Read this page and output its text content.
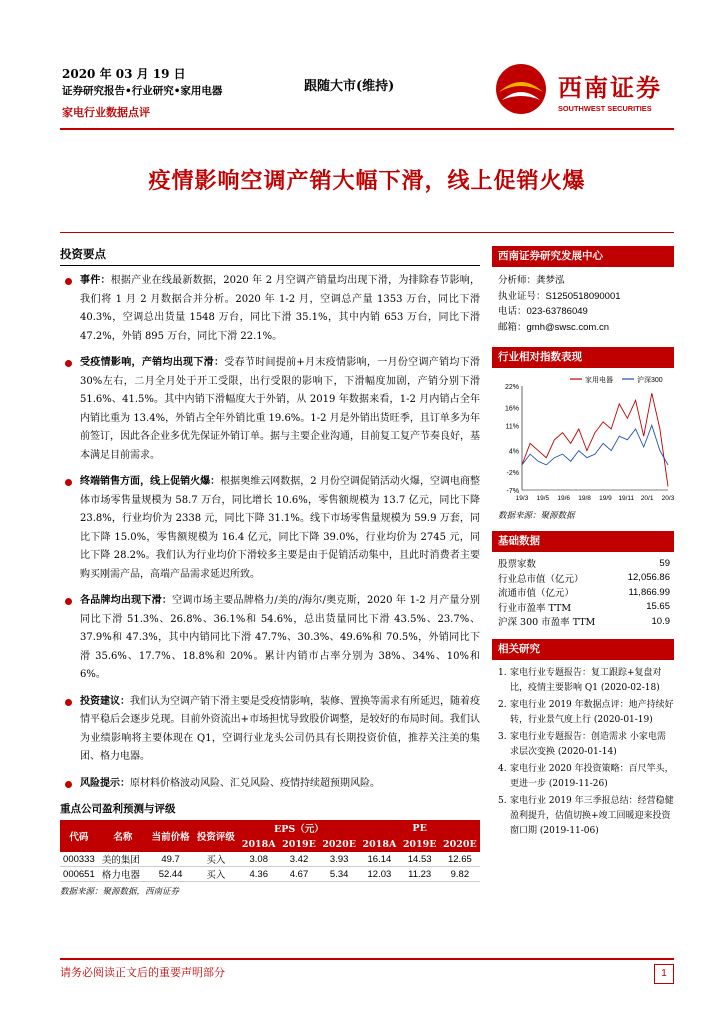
2020 年 03 月 19 日
证券研究报告•行业研究•家用电器
家电行业数据点评
跟随大市(维持)	西南证券
SOUTHWEST SECURITIES
疫情影响空调产销大幅下滑，线上促销火爆
投资要点
事件：根据产业在线最新数据，2020 年 2 月空调产销量均出现下滑，为排除春节影响，我们将 1 月 2 月数据合并分析。2020 年 1-2 月，空调总产量 1353 万台，同比下滑 40.3%，空调总出货量 1548 万台，同比下滑 35.1%，其中内销 653 万台，同比下滑 47.2%，外销 895 万台，同比下滑 22.1%。
受疫情影响，产销均出现下滑：受春节时间提前+月末疫情影响，一月份空调产销均下滑 30%左右，二月全月处于开工受限，出行受限的影响下，下滑幅度加剧，产销分别下滑 51.6%、41.5%。其中内销下滑幅度大于外销，从 2019 年数据来看，1-2 月内销占全年内销比重为 13.4%，外销占全年外销比重 19.6%。1-2 月是外销出货旺季，且订单多为年前签订，因此各企业多优先保证外销订单。据与主要企业沟通，目前复工复产节奏良好，基本满足目前需求。
终端销售方面，线上促销火爆：根据奥维云网数据，2 月份空调促销活动火爆，空调电商整体市场零售量规模为 58.7 万台，同比增长 10.6%，零售额规模为 13.7 亿元，同比下降 23.8%，行业均价为 2338 元，同比下降 31.1%。线下市场零售量规模为 59.9 万套，同比下降 15.0%，零售额规模为 16.4 亿元，同比下降 39.0%，行业均价为 2745 元，同比下降 28.2%。我们认为行业均价下滑较多主要是由于促销活动集中，且此时消费者主要购买刚需产品，高端产品需求延迟所致。
各品牌均出现下滑：空调市场主要品牌格力/美的/海尔/奥克斯，2020 年 1-2 月产量分别同比下滑 51.3%、26.8%、36.1%和 54.6%，总出货量同比下滑 43.5%、23.7%、37.9%和 47.3%，其中内销同比下滑 47.7%、30.3%、49.6%和 70.5%，外销同比下滑 35.6%、17.7%、18.8%和 20%。累计内销市占率分别为 38%、34%、10%和 6%。
投资建议：我们认为空调产销下滑主要是受疫情影响，装修、置换等需求有所延迟，随着疫情平稳后会逐步兑现。目前外资流出+市场担忧导致股价调整，是较好的布局时间。我们认为业绩影响将主要体现在 Q1，空调行业龙头公司仍具有长期投资价值，推荐关注美的集团、格力电器。
风险提示：原材料价格波动风险、汇兑风险、疫情持续超预期风险。
重点公司盈利预测与评级
代码	名称	当前价格	投资评级	EPS（元）			PE		
				2018A	2019E	2020E	2018A	2019E	2020E
000333	美的集团	49.7	买入	3.08	3.42	3.93	16.14	14.53	12.65
000651	格力电器	52.44	买入	4.36	4.67	5.34	12.03	11.23	9.82
数据来源：聚源数据，西南证券
西南证券研究发展中心
分析师：龚梦泓
执业证号：S1250518090001
电话：023-63786049
邮箱：gmh@swsc.com.cn
行业相对指数表现
22%
16%
11%
4%
-2%
-7%
19/3 19/5 19/6 19/8 19/9 19/11 20/1 20/3
家用电器	沪深300
数据来源：聚源数据
基础数据
股票家数	59
行业总市值（亿元）	12,056.86
流通市值（亿元）	11,866.99
行业市盈率 TTM	15.65
沪深 300 市盈率 TTM	10.9
相关研究
1. 家电行业专题报告：复工跟踪+复盘对比，疫情主要影响 Q1 (2020-02-18)
2. 家电行业 2019 年数据点评：地产持续好转，行业景气度上行 (2020-01-19)
3. 家电行业专题报告：创造需求 小家电需求层次变换 (2020-01-14)
4. 家电行业 2020 年投资策略：百尺竿头，更进一步 (2019-11-26)
5. 家电行业 2019 年三季报总结：经营稳健盈利提升，估值切换+竣工回暖迎来投资窗口期 (2019-11-06)
请务必阅读正文后的重要声明部分	1
